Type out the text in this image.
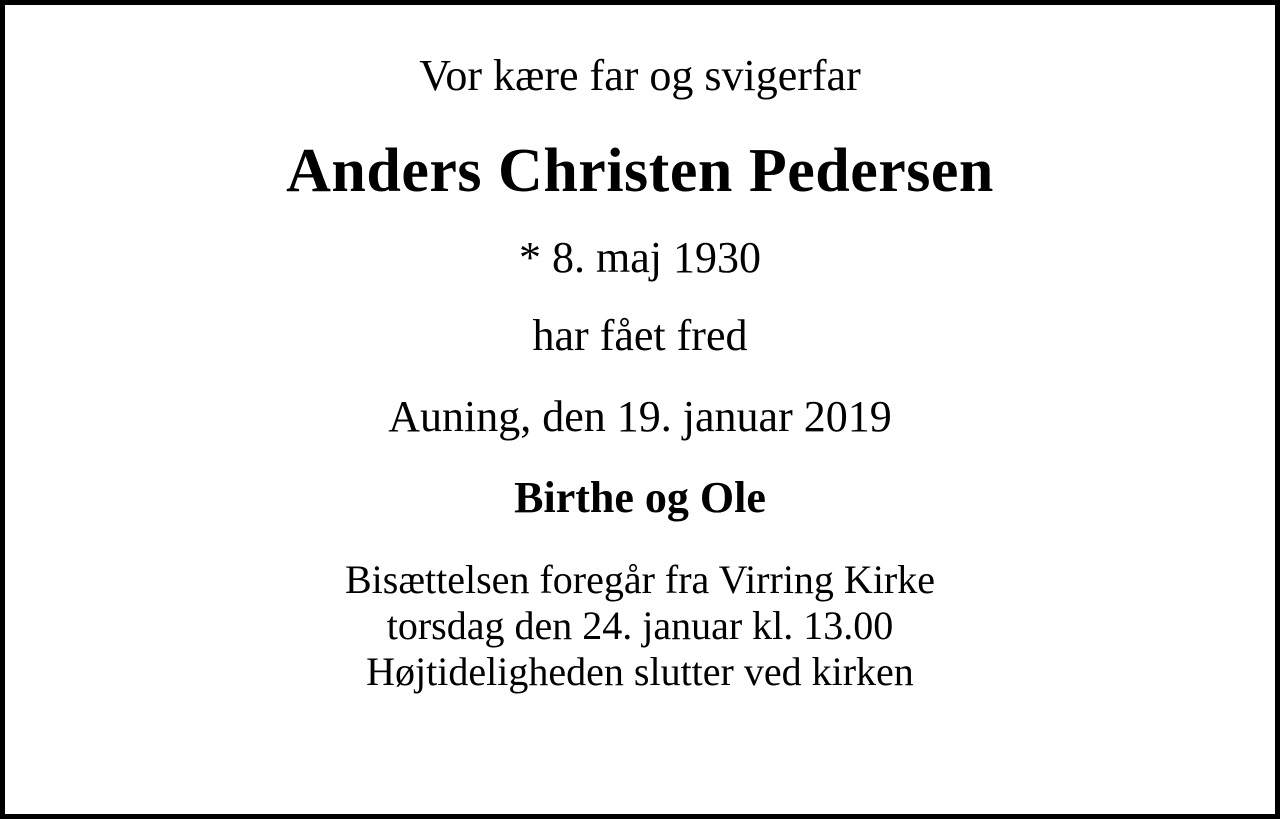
Vor kære far og svigerfar
Anders Christen Pedersen
* 8. maj 1930
har fået fred
Auning, den 19. januar 2019
Birthe og Ole
Bisættelsen foregår fra Virring Kirke
torsdag den 24. januar kl. 13.00
Højtideligheden slutter ved kirken
